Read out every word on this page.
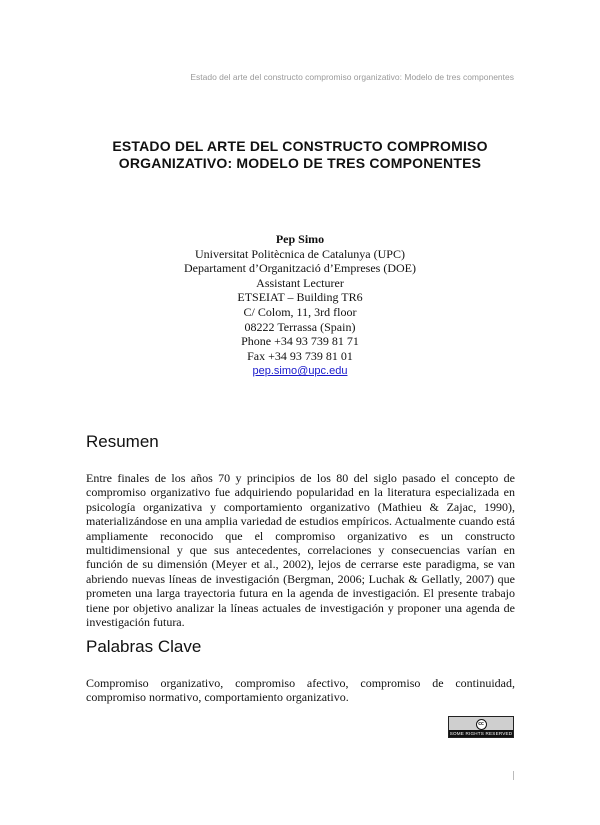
Estado del arte del constructo compromiso organizativo: Modelo de tres componentes
ESTADO DEL ARTE DEL CONSTRUCTO COMPROMISO
ORGANIZATIVO: MODELO DE TRES COMPONENTES
Pep Simo
Universitat Politècnica de Catalunya (UPC)
Departament d’Organització d’Empreses (DOE)
Assistant Lecturer
ETSEIAT – Building TR6
C/ Colom, 11, 3rd floor
08222 Terrassa (Spain)
Phone +34 93 739 81 71
Fax +34 93 739 81 01
pep.simo@upc.edu
Resumen
Entre finales de los años 70 y principios de los 80 del siglo pasado el concepto de compromiso organizativo fue adquiriendo popularidad en la literatura especializada en psicología organizativa y comportamiento organizativo (Mathieu & Zajac, 1990), materializándose en una amplia variedad de estudios empíricos. Actualmente cuando está ampliamente reconocido que el compromiso organizativo es un constructo multidimensional y que sus antecedentes, correlaciones y consecuencias varían en función de su dimensión (Meyer et al., 2002), lejos de cerrarse este paradigma, se van abriendo nuevas líneas de investigación (Bergman, 2006; Luchak & Gellatly, 2007) que prometen una larga trayectoria futura en la agenda de investigación. El presente trabajo tiene por objetivo analizar la líneas actuales de investigación y proponer una agenda de investigación futura.
Palabras Clave
Compromiso organizativo, compromiso afectivo, compromiso de continuidad, compromiso normativo, comportamiento organizativo.
cc
SOME RIGHTS RESERVED
